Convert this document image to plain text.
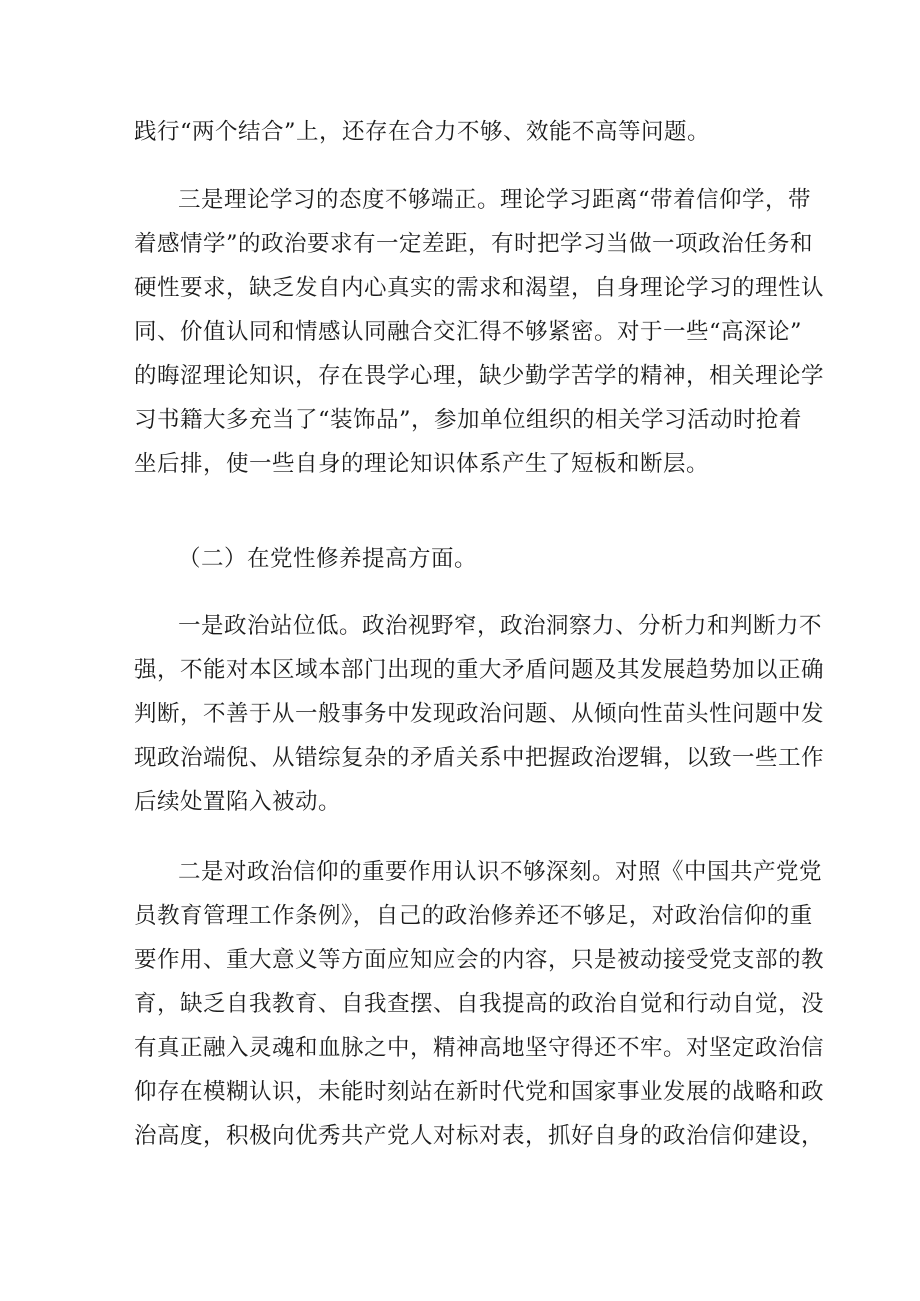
践行“两个结合”上，还存在合力不够、效能不高等问题。
三是理论学习的态度不够端正。理论学习距离“带着信仰学，带
着感情学”的政治要求有一定差距，有时把学习当做一项政治任务和
硬性要求，缺乏发自内心真实的需求和渴望，自身理论学习的理性认
同、价值认同和情感认同融合交汇得不够紧密。对于一些“高深论”
的晦涩理论知识，存在畏学心理，缺少勤学苦学的精神，相关理论学
习书籍大多充当了“装饰品”，参加单位组织的相关学习活动时抢着
坐后排，使一些自身的理论知识体系产生了短板和断层。
（二）在党性修养提高方面。
一是政治站位低。政治视野窄，政治洞察力、分析力和判断力不
强，不能对本区域本部门出现的重大矛盾问题及其发展趋势加以正确
判断，不善于从一般事务中发现政治问题、从倾向性苗头性问题中发
现政治端倪、从错综复杂的矛盾关系中把握政治逻辑，以致一些工作
后续处置陷入被动。
二是对政治信仰的重要作用认识不够深刻。对照《中国共产党党
员教育管理工作条例》，自己的政治修养还不够足，对政治信仰的重
要作用、重大意义等方面应知应会的内容，只是被动接受党支部的教
育，缺乏自我教育、自我查摆、自我提高的政治自觉和行动自觉，没
有真正融入灵魂和血脉之中，精神高地坚守得还不牢。对坚定政治信
仰存在模糊认识，未能时刻站在新时代党和国家事业发展的战略和政
治高度，积极向优秀共产党人对标对表，抓好自身的政治信仰建设，
